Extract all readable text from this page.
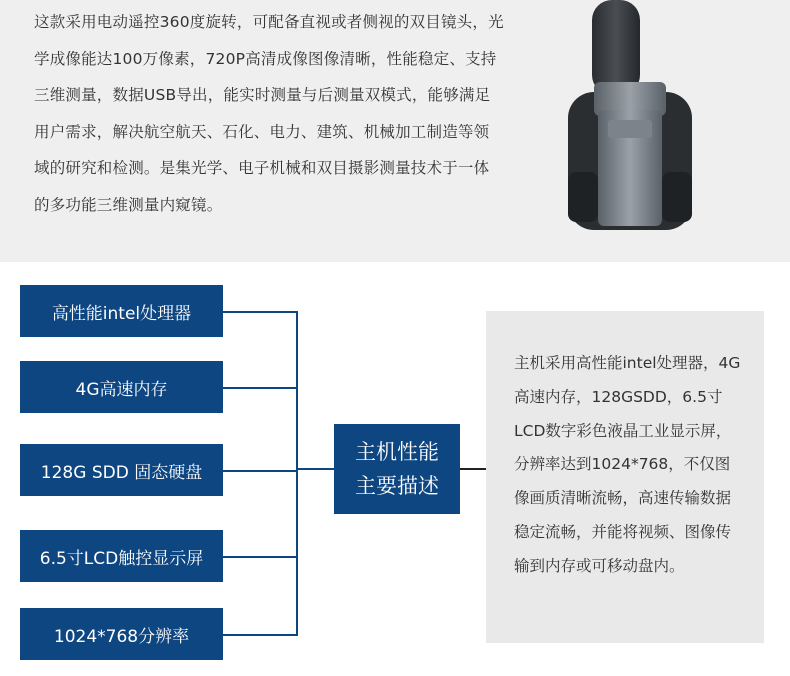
这款采用电动遥控360度旋转，可配备直视或者侧视的双目镜头，光学成像能达100万像素，720P高清成像图像清晰，性能稳定、支持三维测量，数据USB导出，能实时测量与后测量双模式，能够满足用户需求，解决航空航天、石化、电力、建筑、机械加工制造等领域的研究和检测。是集光学、电子机械和双目摄影测量技术于一体的多功能三维测量内窥镜。

高性能intel处理器
4G高速内存
128G SDD 固态硬盘
6.5寸LCD触控显示屏
1024*768分辨率
主机性能
主要描述

主机采用高性能intel处理器，4G高速内存，128GSDD，6.5寸LCD数字彩色液晶工业显示屏，分辨率达到1024*768，不仅图像画质清晰流畅，高速传输数据稳定流畅，并能将视频、图像传输到内存或可移动盘内。
